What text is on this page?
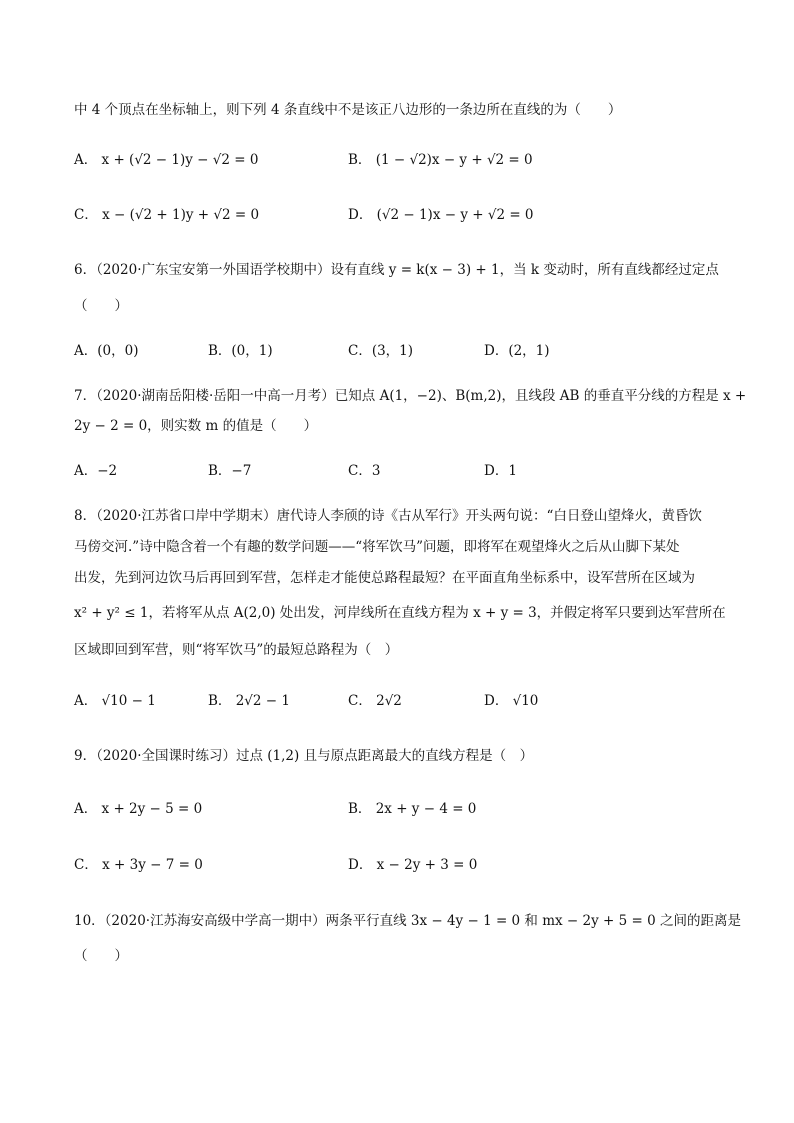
中 4 个顶点在坐标轴上，则下列 4 条直线中不是该正八边形的一条边所在直线的为（　　）
A． x + (√2 − 1)y − √2 = 0	B． (1 − √2)x − y + √2 = 0
C． x − (√2 + 1)y + √2 = 0	D． (√2 − 1)x − y + √2 = 0
6．（2020·广东宝安第一外国语学校期中）设有直线 y = k(x − 3) + 1，当 k 变动时，所有直线都经过定点
（　　）
A．(0，0)	B．(0，1)	C．(3，1)	D．(2，1)
7．（2020·湖南岳阳楼·岳阳一中高一月考）已知点 A(1，−2)、B(m,2)，且线段 AB 的垂直平分线的方程是 x +
2y − 2 = 0，则实数 m 的值是（　　）
A．−2	B．−7	C．3	D．1
8．（2020·江苏省口岸中学期末）唐代诗人李颀的诗《古从军行》开头两句说：“白日登山望烽火，黄昏饮
马傍交河.”诗中隐含着一个有趣的数学问题——“将军饮马”问题，即将军在观望烽火之后从山脚下某处
出发，先到河边饮马后再回到军营，怎样走才能使总路程最短？在平面直角坐标系中，设军营所在区域为
x² + y² ≤ 1，若将军从点 A(2,0) 处出发，河岸线所在直线方程为 x + y = 3，并假定将军只要到达军营所在
区域即回到军营，则“将军饮马”的最短总路程为（　）
A． √10 − 1	B． 2√2 − 1	C． 2√2	D． √10
9．（2020·全国课时练习）过点 (1,2) 且与原点距离最大的直线方程是（　）
A． x + 2y − 5 = 0	B． 2x + y − 4 = 0
C． x + 3y − 7 = 0	D． x − 2y + 3 = 0
10．（2020·江苏海安高级中学高一期中）两条平行直线 3x − 4y − 1 = 0 和 mx − 2y + 5 = 0 之间的距离是
（　　）
